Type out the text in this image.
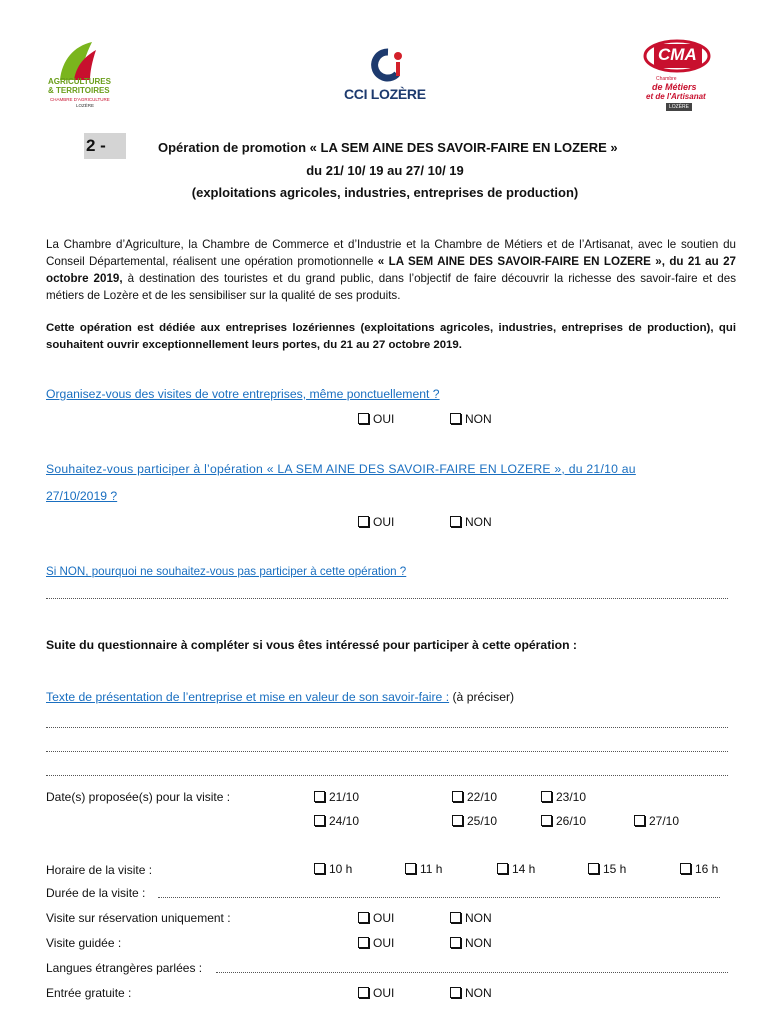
AGRICULTURES
& TERRITOIRES
CHAMBRE D'AGRICULTURE
LOZÈRE
CCI LOZÈRE
CMA
Chambre
de Métiers
et de l'Artisanat
LOZÈRE
2 -	Opération de promotion « LA SEM AINE DES SAVOIR-FAIRE EN LOZERE »
du 21/ 10/ 19 au 27/ 10/ 19
(exploitations agricoles, industries, entreprises de production)
La Chambre d’Agriculture, la Chambre de Commerce et d’Industrie et la Chambre de Métiers et de l’Artisanat, avec le soutien du Conseil Départemental, réalisent une opération promotionnelle « LA SEM AINE DES SAVOIR-FAIRE EN LOZERE », du 21 au 27 octobre 2019, à destination des touristes et du grand public, dans l’objectif de faire découvrir la richesse des savoir-faire et des métiers de Lozère et de les sensibiliser sur la qualité de ses produits.
Cette opération est dédiée aux entreprises lozériennes (exploitations agricoles, industries, entreprises de production), qui souhaitent ouvrir exceptionnellement leurs portes, du 21 au 27 octobre 2019.
Organisez-vous des visites de votre entreprises, même ponctuellement ?
OUI	NON
Souhaitez-vous participer à l’opération « LA SEM AINE DES SAVOIR-FAIRE EN LOZERE », du 21/10 au
27/10/2019 ?
OUI	NON
Si NON, pourquoi ne souhaitez-vous pas participer à cette opération ?
Suite du questionnaire à compléter si vous êtes intéressé pour participer à cette opération :
Texte de présentation de l’entreprise et mise en valeur de son savoir-faire : (à préciser)
Date(s) proposée(s) pour la visite :	21/10	22/10	23/10
24/10	25/10	26/10	27/10
Horaire de la visite :	10 h	11 h	14 h	15 h	16 h
Durée de la visite :
Visite sur réservation uniquement :	OUI	NON
Visite guidée :	OUI	NON
Langues étrangères parlées :
Entrée gratuite :	OUI	NON
